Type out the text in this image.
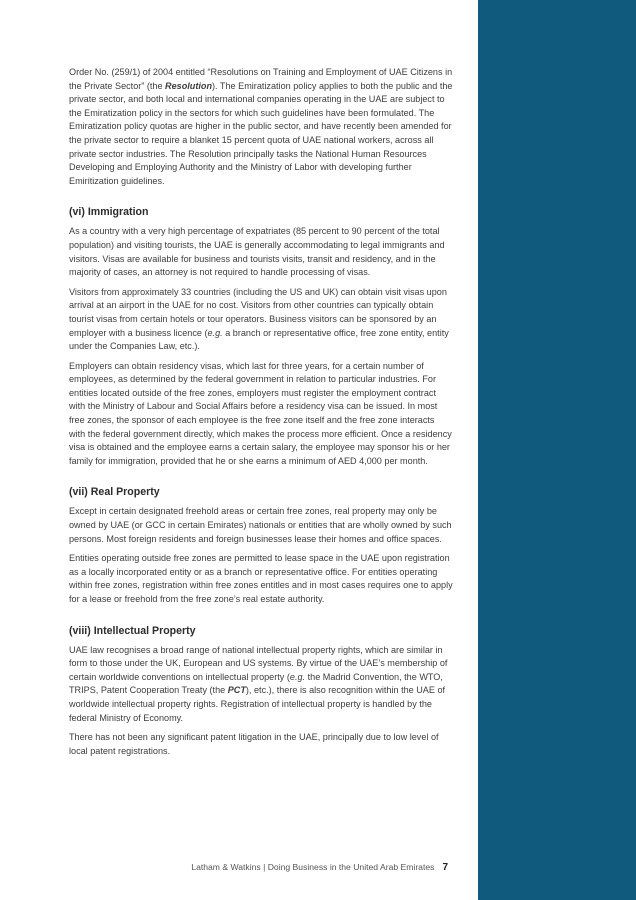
Order No. (259/1) of 2004 entitled “Resolutions on Training and Employment of UAE Citizens in the Private Sector” (the Resolution). The Emiratization policy applies to both the public and the private sector, and both local and international companies operating in the UAE are subject to the Emiratization policy in the sectors for which such guidelines have been formulated. The Emiratization policy quotas are higher in the public sector, and have recently been amended for the private sector to require a blanket 15 percent quota of UAE national workers, across all private sector industries. The Resolution principally tasks the National Human Resources Developing and Employing Authority and the Ministry of Labor with developing further Emiritization guidelines.

(vi) Immigration

As a country with a very high percentage of expatriates (85 percent to 90 percent of the total population) and visiting tourists, the UAE is generally accommodating to legal immigrants and visitors. Visas are available for business and tourists visits, transit and residency, and in the majority of cases, an attorney is not required to handle processing of visas.

Visitors from approximately 33 countries (including the US and UK) can obtain visit visas upon arrival at an airport in the UAE for no cost. Visitors from other countries can typically obtain tourist visas from certain hotels or tour operators. Business visitors can be sponsored by an employer with a business licence (e.g. a branch or representative office, free zone entity, entity under the Companies Law, etc.).

Employers can obtain residency visas, which last for three years, for a certain number of employees, as determined by the federal government in relation to particular industries. For entities located outside of the free zones, employers must register the employment contract with the Ministry of Labour and Social Affairs before a residency visa can be issued. In most free zones, the sponsor of each employee is the free zone itself and the free zone interacts with the federal government directly, which makes the process more efficient. Once a residency visa is obtained and the employee earns a certain salary, the employee may sponsor his or her family for immigration, provided that he or she earns a minimum of AED 4,000 per month.

(vii) Real Property

Except in certain designated freehold areas or certain free zones, real property may only be owned by UAE (or GCC in certain Emirates) nationals or entities that are wholly owned by such persons. Most foreign residents and foreign businesses lease their homes and office spaces.

Entities operating outside free zones are permitted to lease space in the UAE upon registration as a locally incorporated entity or as a branch or representative office. For entities operating within free zones, registration within free zones entitles and in most cases requires one to apply for a lease or freehold from the free zone’s real estate authority.

(viii) Intellectual Property

UAE law recognises a broad range of national intellectual property rights, which are similar in form to those under the UK, European and US systems. By virtue of the UAE’s membership of certain worldwide conventions on intellectual property (e.g. the Madrid Convention, the WTO, TRIPS, Patent Cooperation Treaty (the PCT), etc.), there is also recognition within the UAE of worldwide intellectual property rights. Registration of intellectual property is handled by the federal Ministry of Economy.

There has not been any significant patent litigation in the UAE, principally due to low level of local patent registrations.

Latham & Watkins | Doing Business in the United Arab Emirates 7
